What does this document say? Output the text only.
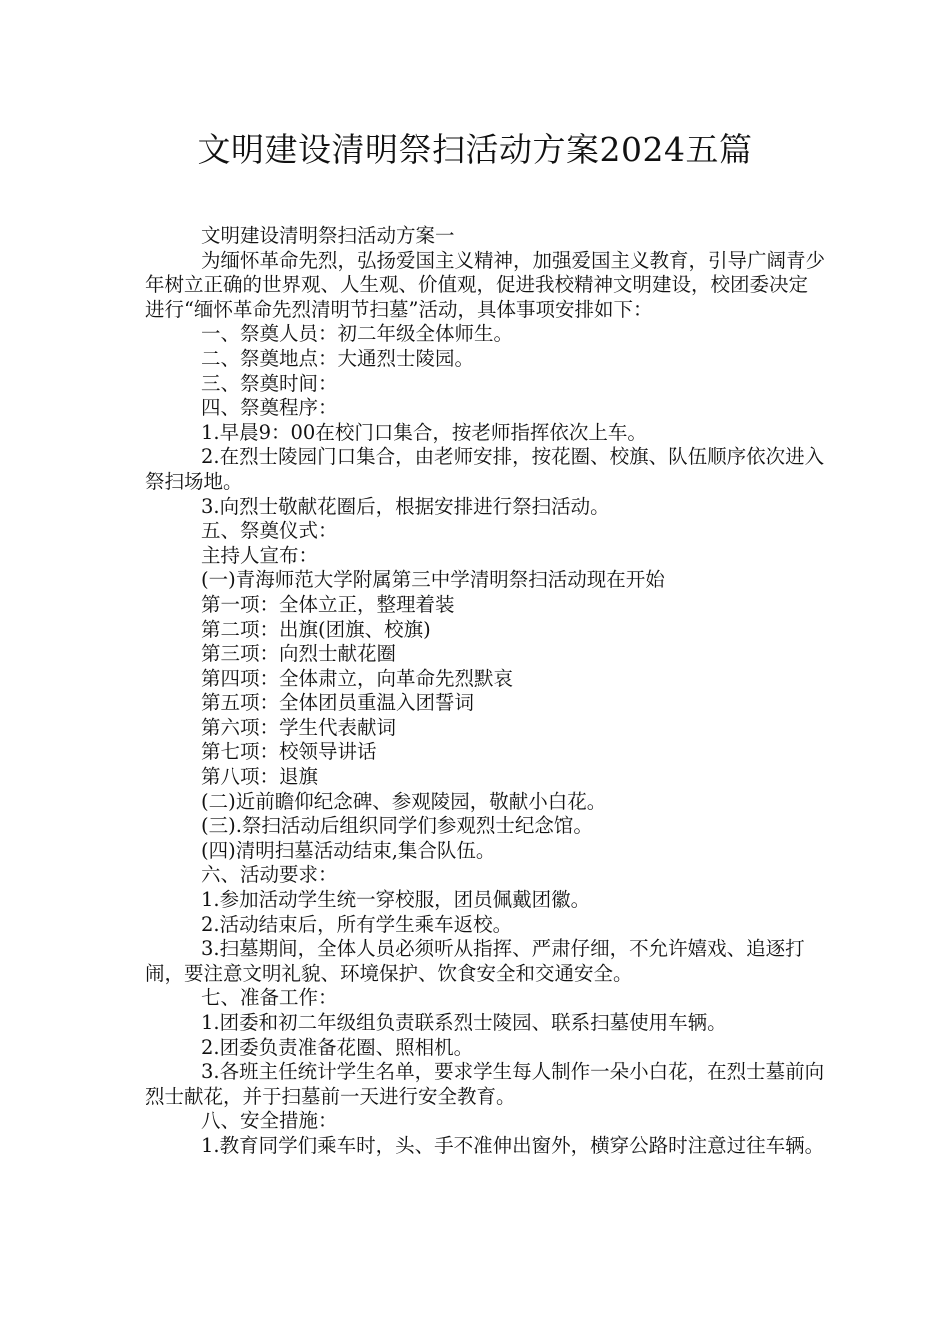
文明建设清明祭扫活动方案2024五篇

文明建设清明祭扫活动方案一

为缅怀革命先烈，弘扬爱国主义精神，加强爱国主义教育，引导广阔青少年树立正确的世界观、人生观、价值观，促进我校精神文明建设，校团委决定进行“缅怀革命先烈清明节扫墓”活动，具体事项安排如下：

一、祭奠人员：初二年级全体师生。

二、祭奠地点：大通烈士陵园。

三、祭奠时间：

四、祭奠程序：

1.早晨9：00在校门口集合，按老师指挥依次上车。

2.在烈士陵园门口集合，由老师安排，按花圈、校旗、队伍顺序依次进入祭扫场地。

3.向烈士敬献花圈后，根据安排进行祭扫活动。

五、祭奠仪式：

主持人宣布：

(一)青海师范大学附属第三中学清明祭扫活动现在开始

第一项：全体立正，整理着装

第二项：出旗(团旗、校旗)

第三项：向烈士献花圈

第四项：全体肃立，向革命先烈默哀

第五项：全体团员重温入团誓词

第六项：学生代表献词

第七项：校领导讲话

第八项：退旗

(二)近前瞻仰纪念碑、参观陵园，敬献小白花。

(三).祭扫活动后组织同学们参观烈士纪念馆。

(四)清明扫墓活动结束,集合队伍。

六、活动要求：

1.参加活动学生统一穿校服，团员佩戴团徽。

2.活动结束后，所有学生乘车返校。

3.扫墓期间，全体人员必须听从指挥、严肃仔细，不允许嬉戏、追逐打闹，要注意文明礼貌、环境保护、饮食安全和交通安全。

七、准备工作：

1.团委和初二年级组负责联系烈士陵园、联系扫墓使用车辆。

2.团委负责准备花圈、照相机。

3.各班主任统计学生名单，要求学生每人制作一朵小白花，在烈士墓前向烈士献花，并于扫墓前一天进行安全教育。

八、安全措施：

1.教育同学们乘车时，头、手不准伸出窗外，横穿公路时注意过往车辆。
